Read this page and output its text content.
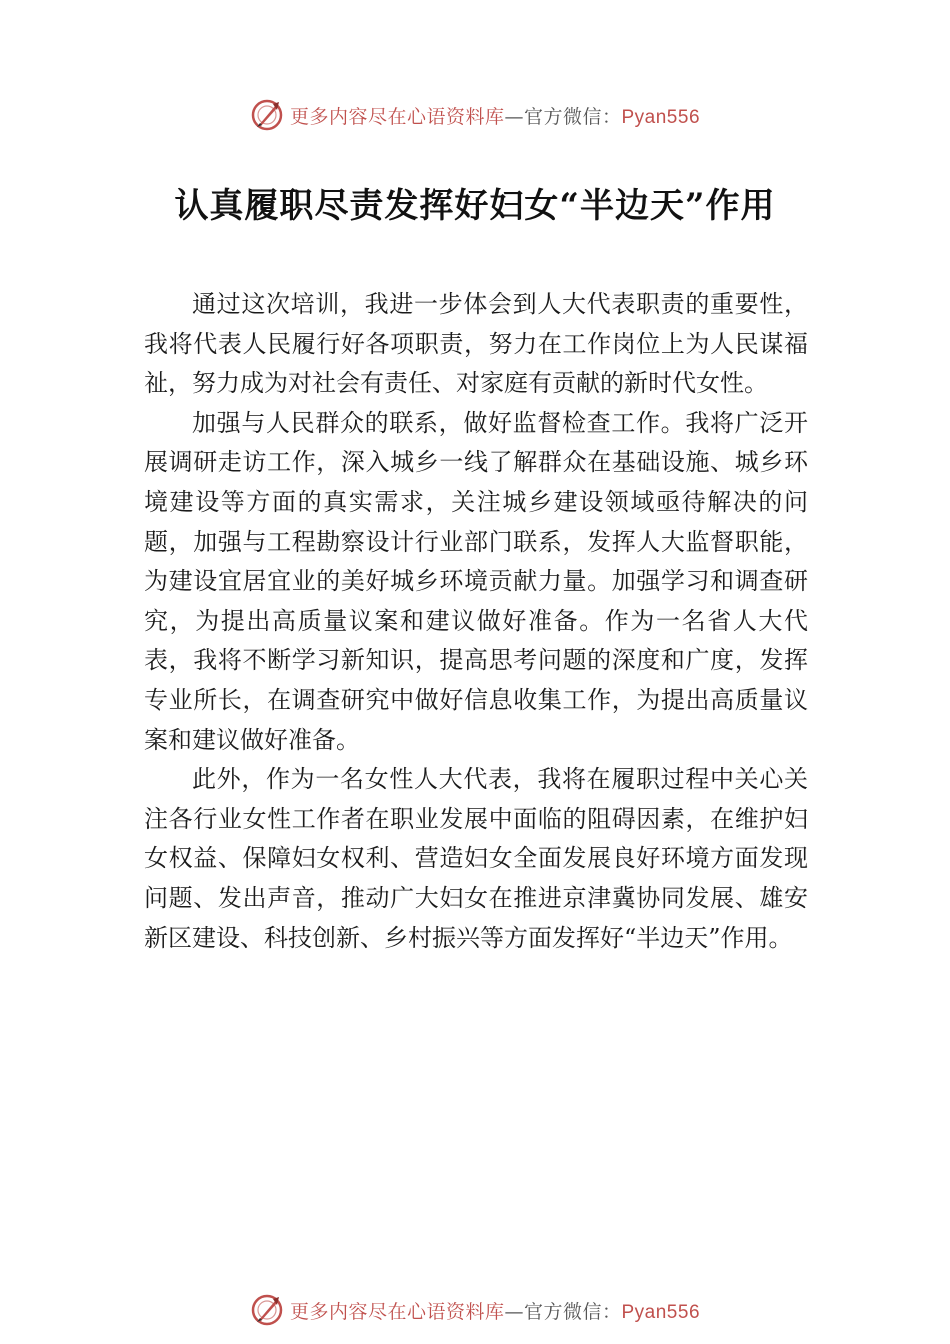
更多内容尽在心语资料库—官方微信：Pyan556
认真履职尽责发挥好妇女“半边天”作用

通过这次培训，我进一步体会到人大代表职责的重要性，我将代表人民履行好各项职责，努力在工作岗位上为人民谋福祉，努力成为对社会有责任、对家庭有贡献的新时代女性。

加强与人民群众的联系，做好监督检查工作。我将广泛开展调研走访工作，深入城乡一线了解群众在基础设施、城乡环境建设等方面的真实需求，关注城乡建设领域亟待解决的问题，加强与工程勘察设计行业部门联系，发挥人大监督职能，为建设宜居宜业的美好城乡环境贡献力量。加强学习和调查研究，为提出高质量议案和建议做好准备。作为一名省人大代表，我将不断学习新知识，提高思考问题的深度和广度，发挥专业所长，在调查研究中做好信息收集工作，为提出高质量议案和建议做好准备。

此外，作为一名女性人大代表，我将在履职过程中关心关注各行业女性工作者在职业发展中面临的阻碍因素，在维护妇女权益、保障妇女权利、营造妇女全面发展良好环境方面发现问题、发出声音，推动广大妇女在推进京津冀协同发展、雄安新区建设、科技创新、乡村振兴等方面发挥好“半边天”作用。

更多内容尽在心语资料库—官方微信：Pyan556
